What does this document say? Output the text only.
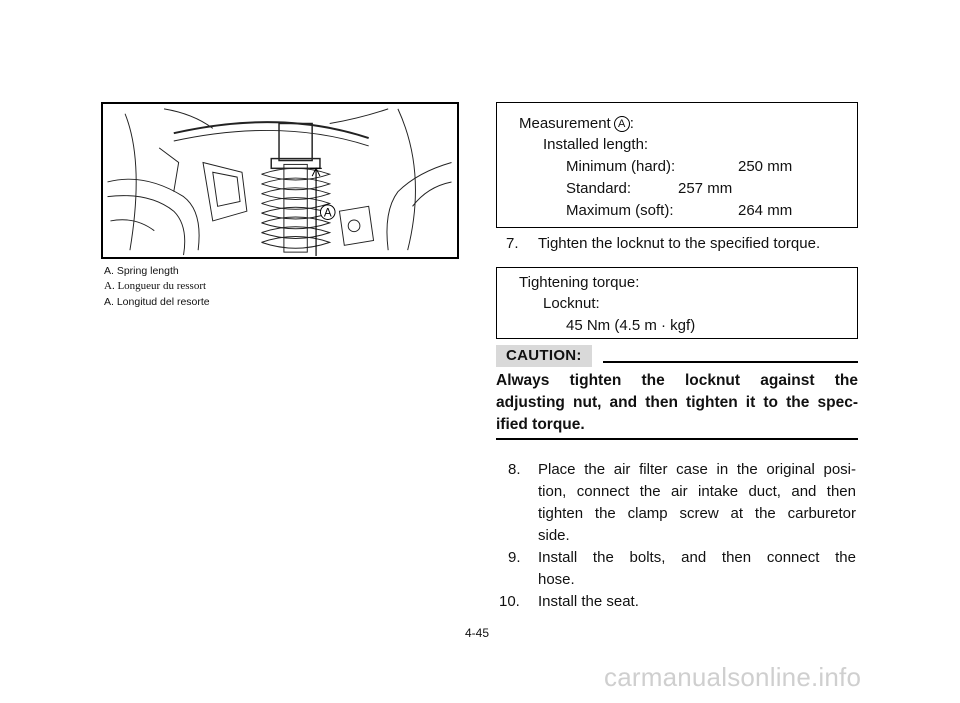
A
A. Spring length
A. Longueur du ressort
A. Longitud del resorte
Measurement A :
Installed length:
Minimum (hard):	250 mm
Standard:	257 mm
Maximum (soft):	264 mm
7. Tighten the locknut to the specified torque.
Tightening torque:
Locknut:
45 Nm (4.5 m · kgf)
CAUTION:
Always tighten the locknut against the
adjusting nut, and then tighten it to the spec-
ified torque.
8. Place the air filter case in the original posi-
tion, connect the air intake duct, and then
tighten the clamp screw at the carburetor
side.
9. Install the bolts, and then connect the
hose.
10. Install the seat.
4-45
carmanualsonline.info
